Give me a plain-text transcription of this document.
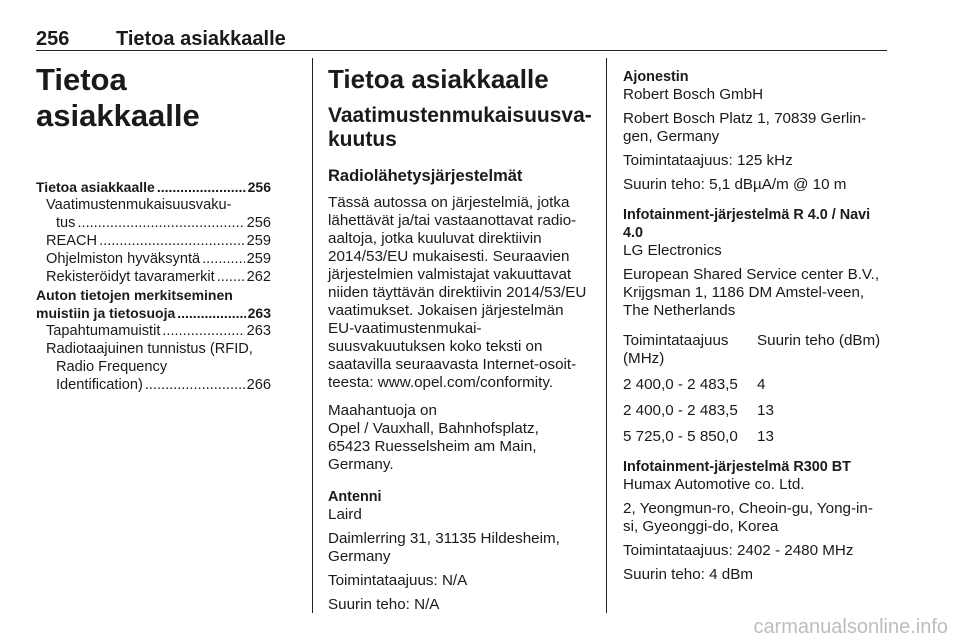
256 Tietoa asiakkaalle
Tietoa asiakkaalle
Tietoa asiakkaalle .....	256
Vaatimustenmukaisuusvaku-
tus .....	256
REACH .....	259
Ohjelmiston hyväksyntä .....	259
Rekisteröidyt tavaramerkit ..... 262
Auton tietojen merkitseminen
muistiin ja tietosuoja .....	263
Tapahtumamuistit .....	263
Radiotaajuinen tunnistus (RFID,
Radio Frequency
Identification) .....	266
Tietoa asiakkaalle
Vaatimustenmukaisuusva-
kuutus
Radiolähetysjärjestelmät

Tässä autossa on järjestelmiä, jotka lähettävät ja/tai vastaanottavat radio-aaltoja, jotka kuuluvat direktiivin 2014/53/EU mukaisesti. Seuraavien järjestelmien valmistajat vakuuttavat niiden täyttävän direktiivin 2014/53/EU vaatimukset. Jokaisen järjestelmän EU-vaatimustenmukai-suusvakuutuksen koko teksti on saatavilla seuraavasta Internet-osoit-teesta: www.opel.com/conformity.

Maahantuoja on
Opel / Vauxhall, Bahnhofsplatz,
65423 Ruesselsheim am Main,
Germany.
Antenni
Laird

Daimlerring 31, 31135 Hildesheim, Germany

Toimintataajuus: N/A

Suurin teho: N/A

Ajonestin
Robert Bosch GmbH

Robert Bosch Platz 1, 70839 Gerlin-gen, Germany

Toimintataajuus: 125 kHz

Suurin teho: 5,1 dBµA/m @ 10 m

Infotainment-järjestelmä R 4.0 / Navi 4.0
LG Electronics

European Shared Service center B.V., Krijgsman 1, 1186 DM Amstel-veen, The Netherlands

Toimintataajuus (MHz)	Suurin teho (dBm)
2 400,0 - 2 483,5	4
2 400,0 - 2 483,5	13
5 725,0 - 5 850,0	13
Infotainment-järjestelmä R300 BT
Humax Automotive co. Ltd.

2, Yeongmun-ro, Cheoin-gu, Yong-in-si, Gyeonggi-do, Korea

Toimintataajuus: 2402 - 2480 MHz

Suurin teho: 4 dBm

carmanualsonline.info
